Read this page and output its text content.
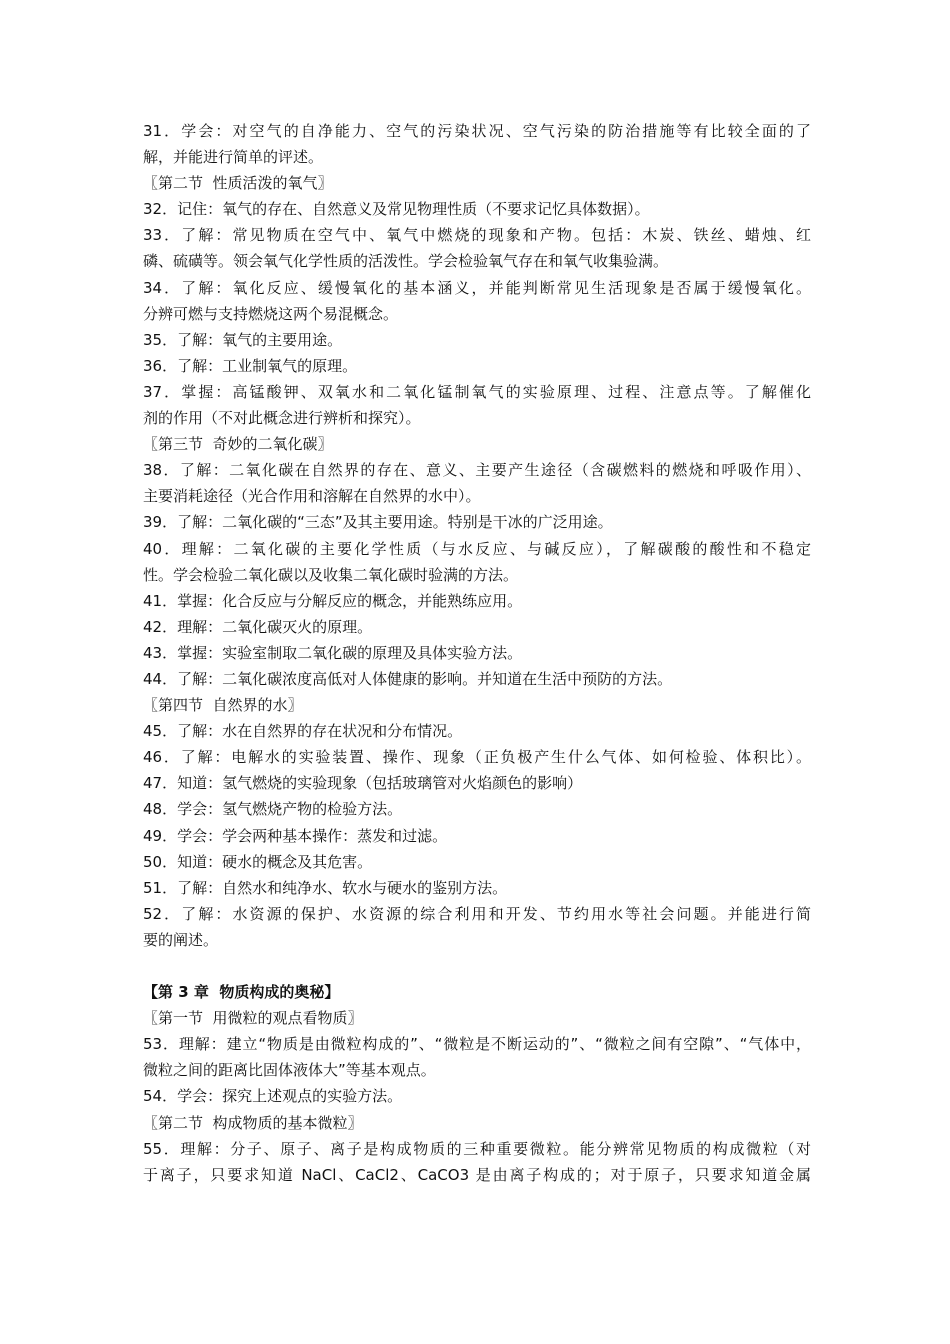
31．学会：对空气的自净能力、空气的污染状况、空气污染的防治措施等有比较全面的了
解，并能进行简单的评述。
〖第二节  性质活泼的氧气〗
32．记住：氧气的存在、自然意义及常见物理性质（不要求记忆具体数据）。
33．了解：常见物质在空气中、氧气中燃烧的现象和产物。包括：木炭、铁丝、蜡烛、红
磷、硫磺等。领会氧气化学性质的活泼性。学会检验氧气存在和氧气收集验满。
34．了解：氧化反应、缓慢氧化的基本涵义，并能判断常见生活现象是否属于缓慢氧化。
分辨可燃与支持燃烧这两个易混概念。
35．了解：氧气的主要用途。
36．了解：工业制氧气的原理。
37．掌握：高锰酸钾、双氧水和二氧化锰制氧气的实验原理、过程、注意点等。了解催化
剂的作用（不对此概念进行辨析和探究）。
〖第三节  奇妙的二氧化碳〗
38．了解：二氧化碳在自然界的存在、意义、主要产生途径（含碳燃料的燃烧和呼吸作用）、
主要消耗途径（光合作用和溶解在自然界的水中）。
39．了解：二氧化碳的“三态”及其主要用途。特别是干冰的广泛用途。
40．理解：二氧化碳的主要化学性质（与水反应、与碱反应），了解碳酸的酸性和不稳定
性。学会检验二氧化碳以及收集二氧化碳时验满的方法。
41．掌握：化合反应与分解反应的概念，并能熟练应用。
42．理解：二氧化碳灭火的原理。
43．掌握：实验室制取二氧化碳的原理及具体实验方法。
44．了解：二氧化碳浓度高低对人体健康的影响。并知道在生活中预防的方法。
〖第四节  自然界的水〗
45．了解：水在自然界的存在状况和分布情况。
46．了解：电解水的实验装置、操作、现象（正负极产生什么气体、如何检验、体积比）。
47．知道：氢气燃烧的实验现象（包括玻璃管对火焰颜色的影响）
48．学会：氢气燃烧产物的检验方法。
49．学会：学会两种基本操作：蒸发和过滤。
50．知道：硬水的概念及其危害。
51．了解：自然水和纯净水、软水与硬水的鉴别方法。
52．了解：水资源的保护、水资源的综合利用和开发、节约用水等社会问题。并能进行简
要的阐述。
【第 3 章  物质构成的奥秘】
〖第一节  用微粒的观点看物质〗
53．理解：建立“物质是由微粒构成的”、“微粒是不断运动的”、“微粒之间有空隙”、“气体中，
微粒之间的距离比固体液体大”等基本观点。
54．学会：探究上述观点的实验方法。
〖第二节  构成物质的基本微粒〗
55．理解：分子、原子、离子是构成物质的三种重要微粒。能分辨常见物质的构成微粒（对
于离子，只要求知道 NaCl、CaCl2、CaCO3 是由离子构成的；对于原子，只要求知道金属
